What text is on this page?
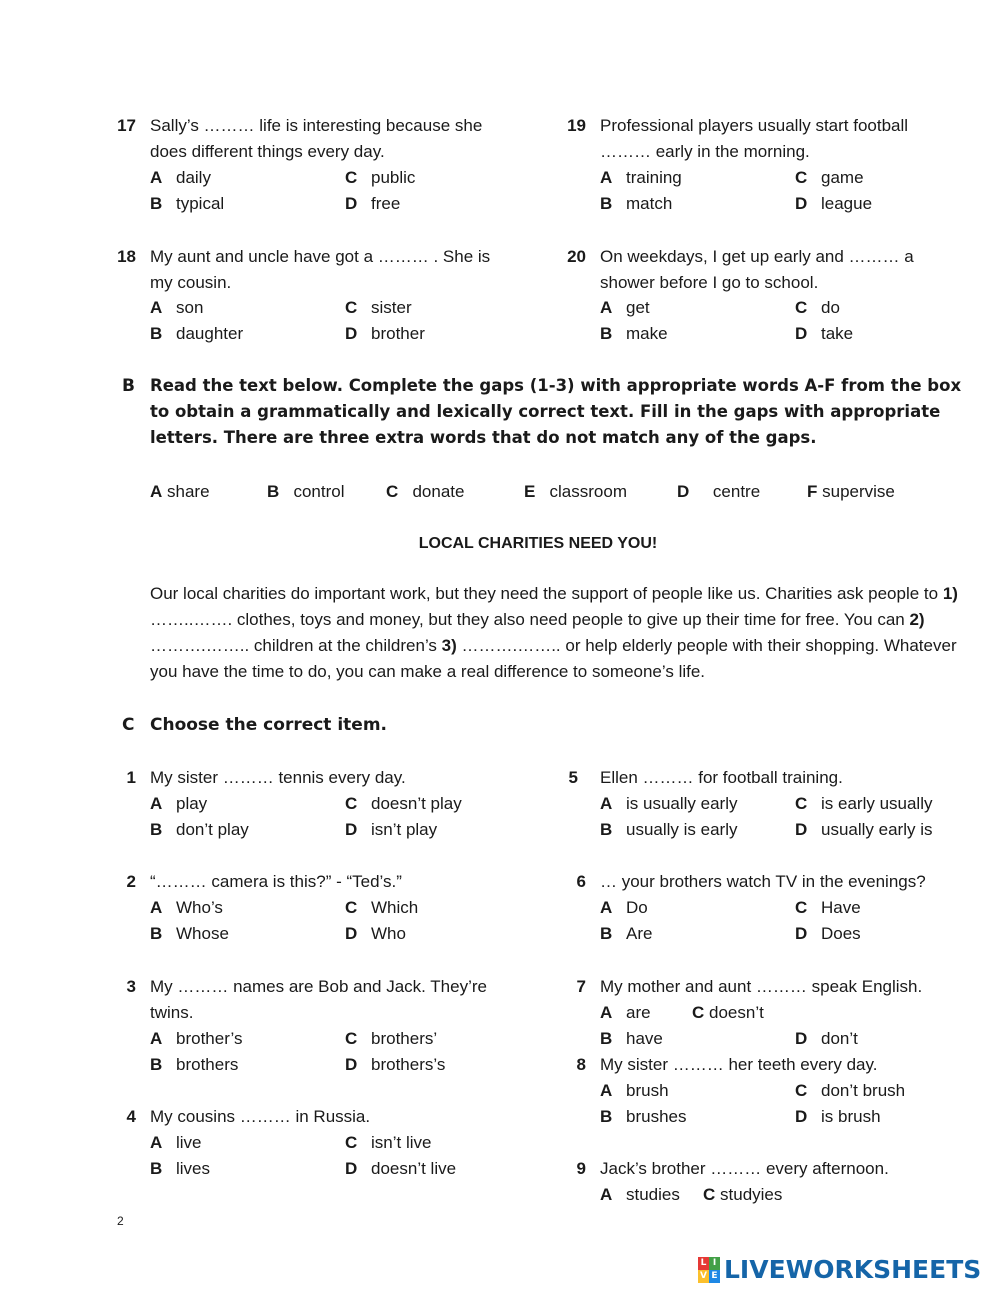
17 Sally’s ……… life is interesting because she
does different things every day.
A daily
B typical
C public
D free
18 My aunt and uncle have got a ……… . She is
my cousin.
A son
B daughter
C sister
D brother
19 Professional players usually start football
……… early in the morning.
A training
B match
C game
D league
20 On weekdays, I get up early and ……… a
shower before I go to school.
A get
B make
C do
D take
B Read the text below. Complete the gaps (1-3) with appropriate words A-F from the box to obtain a grammatically and lexically correct text. Fill in the gaps with appropriate letters. There are three extra words that do not match any of the gaps.
A share	B control C donate	E classroom	D centre	F supervise
LOCAL CHARITIES NEED YOU!
Our local charities do important work, but they need the support of people like us. Charities ask people to 1) ……..……. clothes, toys and money, but they also need people to give up their time for free. You can 2) ……….…….. children at the children’s 3) ……….…….. or help elderly people with their shopping. Whatever you have the time to do, you can make a real difference to someone’s life.
C Choose the correct item.
1 My sister ……… tennis every day.
A play
B don’t play
C doesn’t play
D isn’t play
2 “……… camera is this?” - “Ted’s.”
A Who’s
B Whose
C Which
D Who
3 My ……… names are Bob and Jack. They’re
twins.
A brother’s
B brothers
C brothers’
D brothers’s
4 My cousins ……… in Russia.
A live
B lives
C isn’t live
D doesn’t live
5 Ellen ……… for football training.
A is usually early
B usually is early
C is early usually
D usually early is
6 … your brothers watch TV in the evenings?
A Do
B Are
C Have
D Does
7 My mother and aunt ……… speak English.
A are C doesn’t
B have	D don’t
8 My sister ……… her teeth every day.
A brush
B brushes
C don’t brush
D is brush
9 Jack’s brother ……… every afternoon.
A studies C studyies
2
L I
V E LIVEWORKSHEETS
